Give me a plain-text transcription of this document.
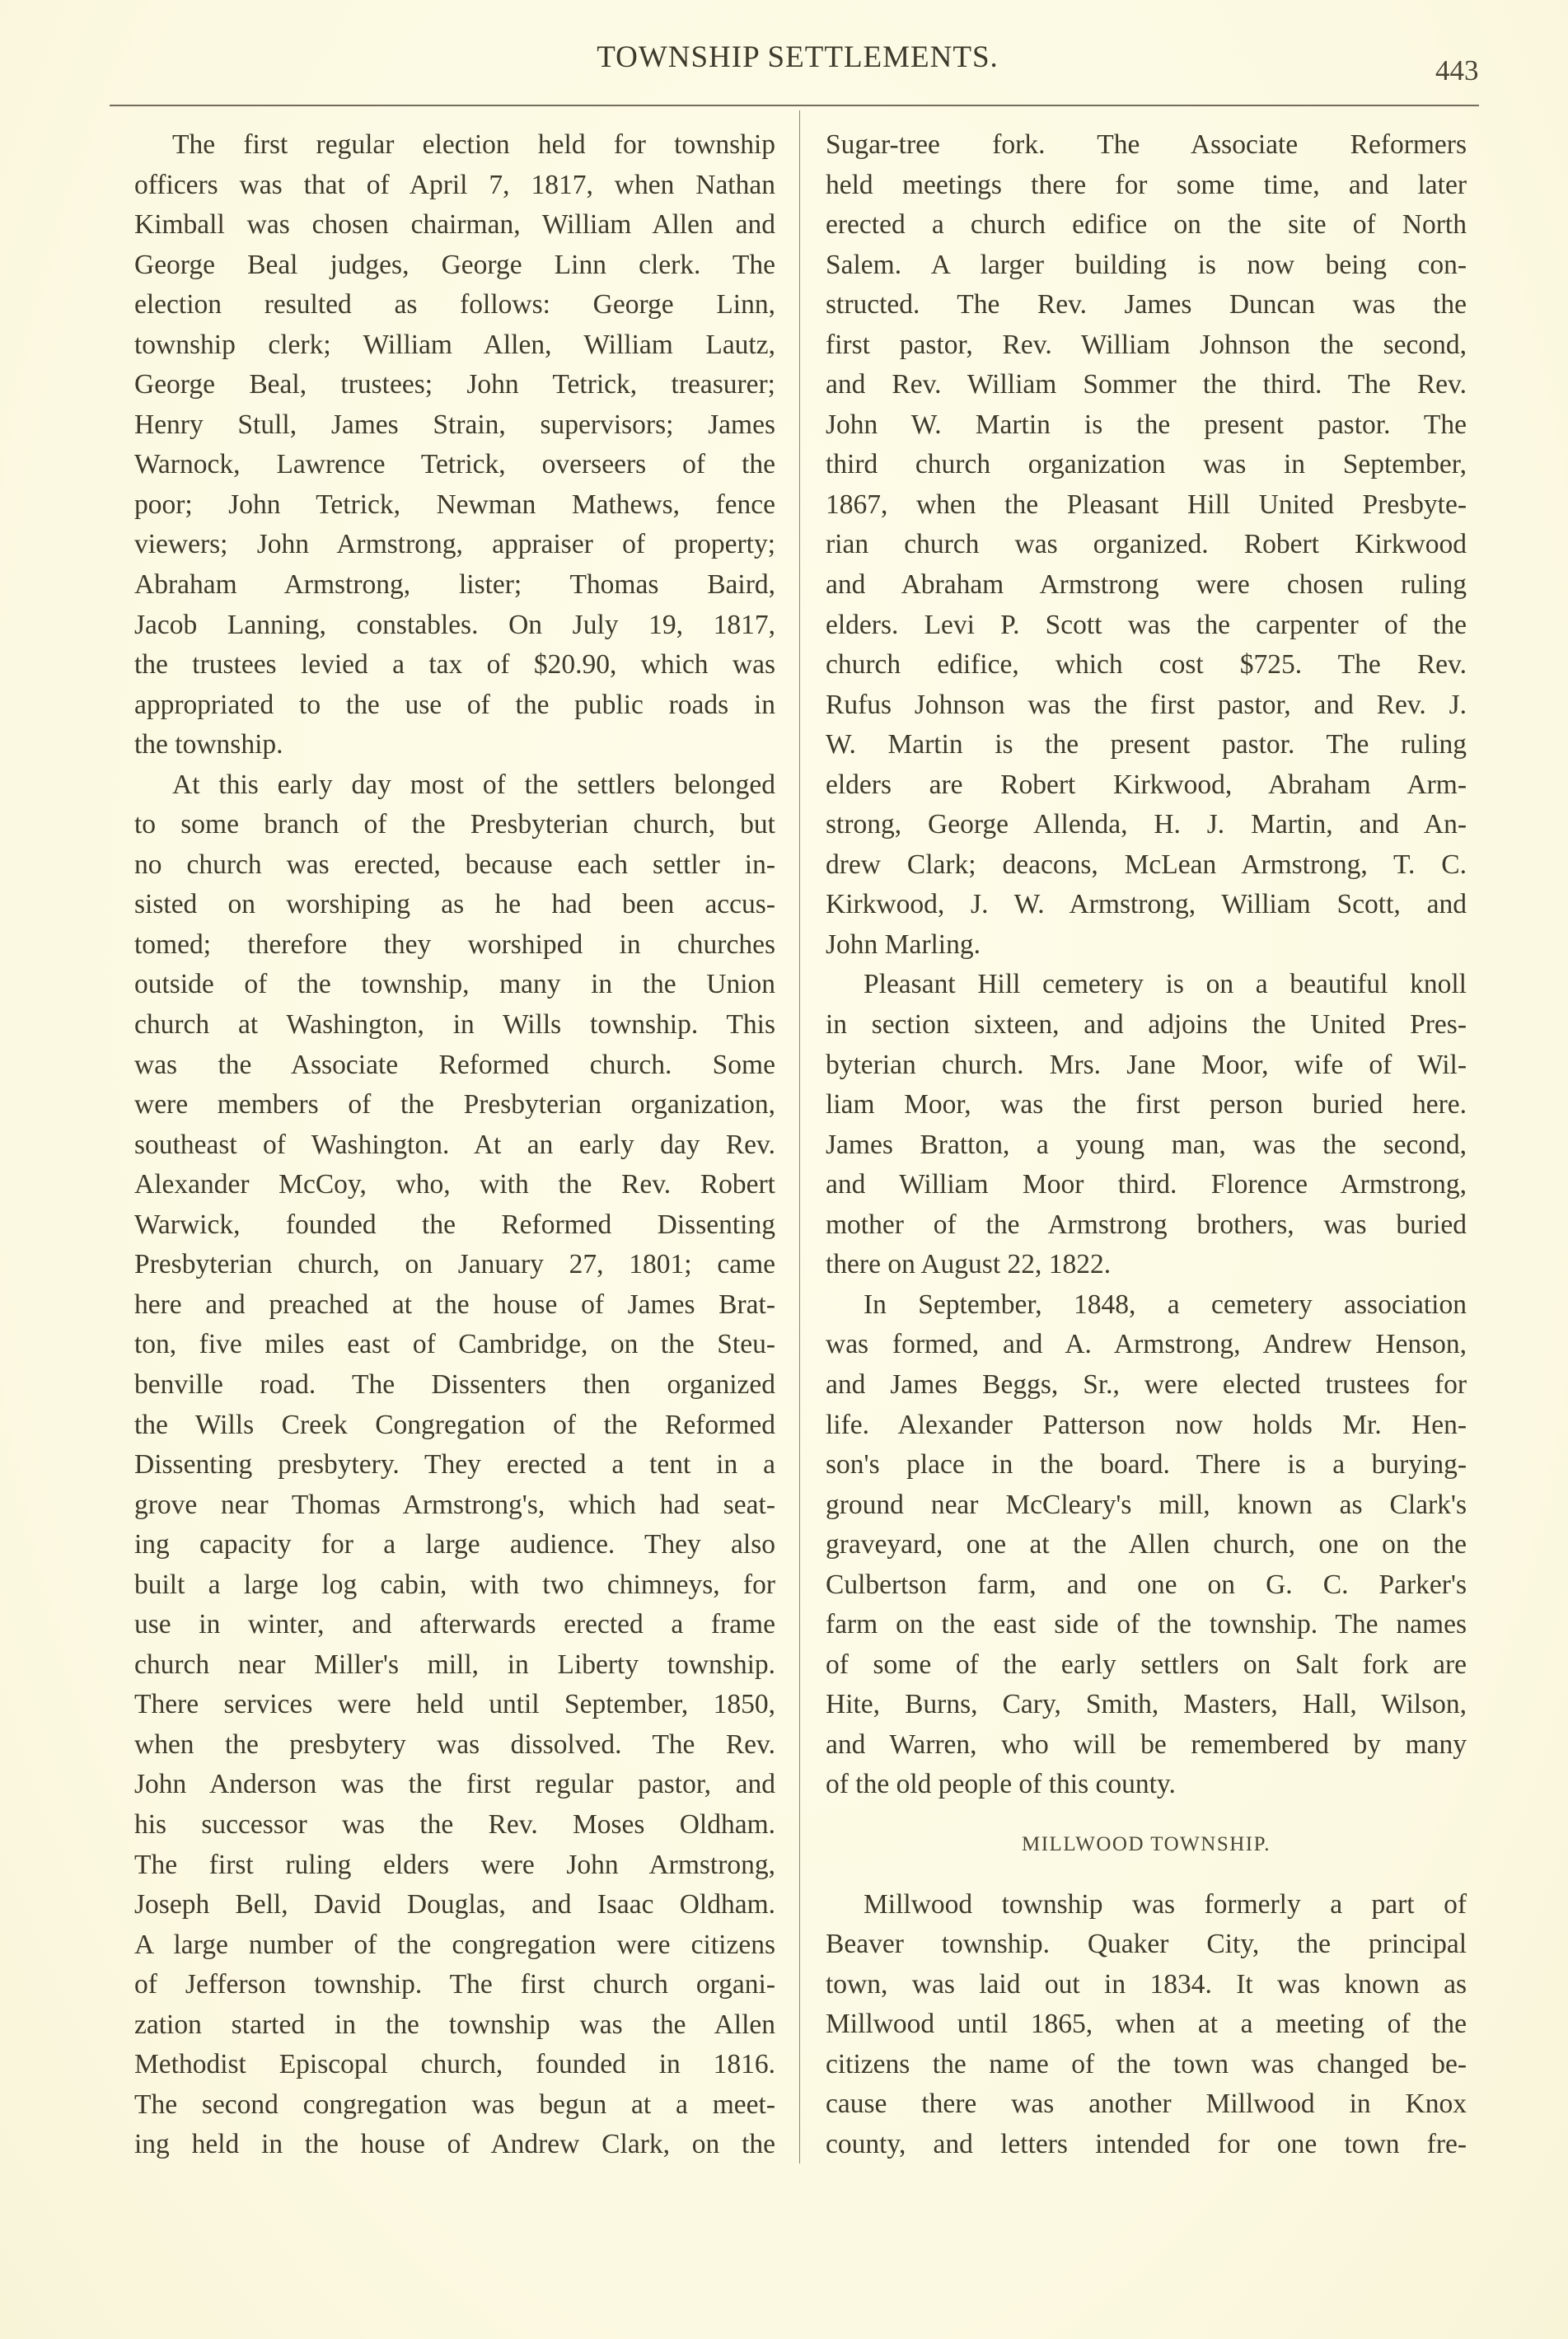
TOWNSHIP SETTLEMENTS.	443
The first regular election held for township
officers was that of April 7, 1817, when Nathan
Kimball was chosen chairman, William Allen and
George Beal judges, George Linn clerk. The
election resulted as follows: George Linn,
township clerk; William Allen, William Lautz,
George Beal, trustees; John Tetrick, treasurer;
Henry Stull, James Strain, supervisors; James
Warnock, Lawrence Tetrick, overseers of the
poor; John Tetrick, Newman Mathews, fence
viewers; John Armstrong, appraiser of property;
Abraham Armstrong, lister; Thomas Baird,
Jacob Lanning, constables. On July 19, 1817,
the trustees levied a tax of $20.90, which was
appropriated to the use of the public roads in
the township.
At this early day most of the settlers belonged
to some branch of the Presbyterian church, but
no church was erected, because each settler in-
sisted on worshiping as he had been accus-
tomed; therefore they worshiped in churches
outside of the township, many in the Union
church at Washington, in Wills township. This
was the Associate Reformed church. Some
were members of the Presbyterian organization,
southeast of Washington. At an early day Rev.
Alexander McCoy, who, with the Rev. Robert
Warwick, founded the Reformed Dissenting
Presbyterian church, on January 27, 1801; came
here and preached at the house of James Brat-
ton, five miles east of Cambridge, on the Steu-
benville road. The Dissenters then organized
the Wills Creek Congregation of the Reformed
Dissenting presbytery. They erected a tent in a
grove near Thomas Armstrong's, which had seat-
ing capacity for a large audience. They also
built a large log cabin, with two chimneys, for
use in winter, and afterwards erected a frame
church near Miller's mill, in Liberty township.
There services were held until September, 1850,
when the presbytery was dissolved. The Rev.
John Anderson was the first regular pastor, and
his successor was the Rev. Moses Oldham.
The first ruling elders were John Armstrong,
Joseph Bell, David Douglas, and Isaac Oldham.
A large number of the congregation were citizens
of Jefferson township. The first church organi-
zation started in the township was the Allen
Methodist Episcopal church, founded in 1816.
The second congregation was begun at a meet-
ing held in the house of Andrew Clark, on the
Sugar-tree fork. The Associate Reformers
held meetings there for some time, and later
erected a church edifice on the site of North
Salem. A larger building is now being con-
structed. The Rev. James Duncan was the
first pastor, Rev. William Johnson the second,
and Rev. William Sommer the third. The Rev.
John W. Martin is the present pastor. The
third church organization was in September,
1867, when the Pleasant Hill United Presbyte-
rian church was organized. Robert Kirkwood
and Abraham Armstrong were chosen ruling
elders. Levi P. Scott was the carpenter of the
church edifice, which cost $725. The Rev.
Rufus Johnson was the first pastor, and Rev. J.
W. Martin is the present pastor. The ruling
elders are Robert Kirkwood, Abraham Arm-
strong, George Allenda, H. J. Martin, and An-
drew Clark; deacons, McLean Armstrong, T. C.
Kirkwood, J. W. Armstrong, William Scott, and
John Marling.
Pleasant Hill cemetery is on a beautiful knoll
in section sixteen, and adjoins the United Pres-
byterian church. Mrs. Jane Moor, wife of Wil-
liam Moor, was the first person buried here.
James Bratton, a young man, was the second,
and William Moor third. Florence Armstrong,
mother of the Armstrong brothers, was buried
there on August 22, 1822.
In September, 1848, a cemetery association
was formed, and A. Armstrong, Andrew Henson,
and James Beggs, Sr., were elected trustees for
life. Alexander Patterson now holds Mr. Hen-
son's place in the board. There is a burying-
ground near McCleary's mill, known as Clark's
graveyard, one at the Allen church, one on the
Culbertson farm, and one on G. C. Parker's
farm on the east side of the township. The names
of some of the early settlers on Salt fork are
Hite, Burns, Cary, Smith, Masters, Hall, Wilson,
and Warren, who will be remembered by many
of the old people of this county.
MILLWOOD TOWNSHIP.
Millwood township was formerly a part of
Beaver township. Quaker City, the principal
town, was laid out in 1834. It was known as
Millwood until 1865, when at a meeting of the
citizens the name of the town was changed be-
cause there was another Millwood in Knox
county, and letters intended for one town fre-
